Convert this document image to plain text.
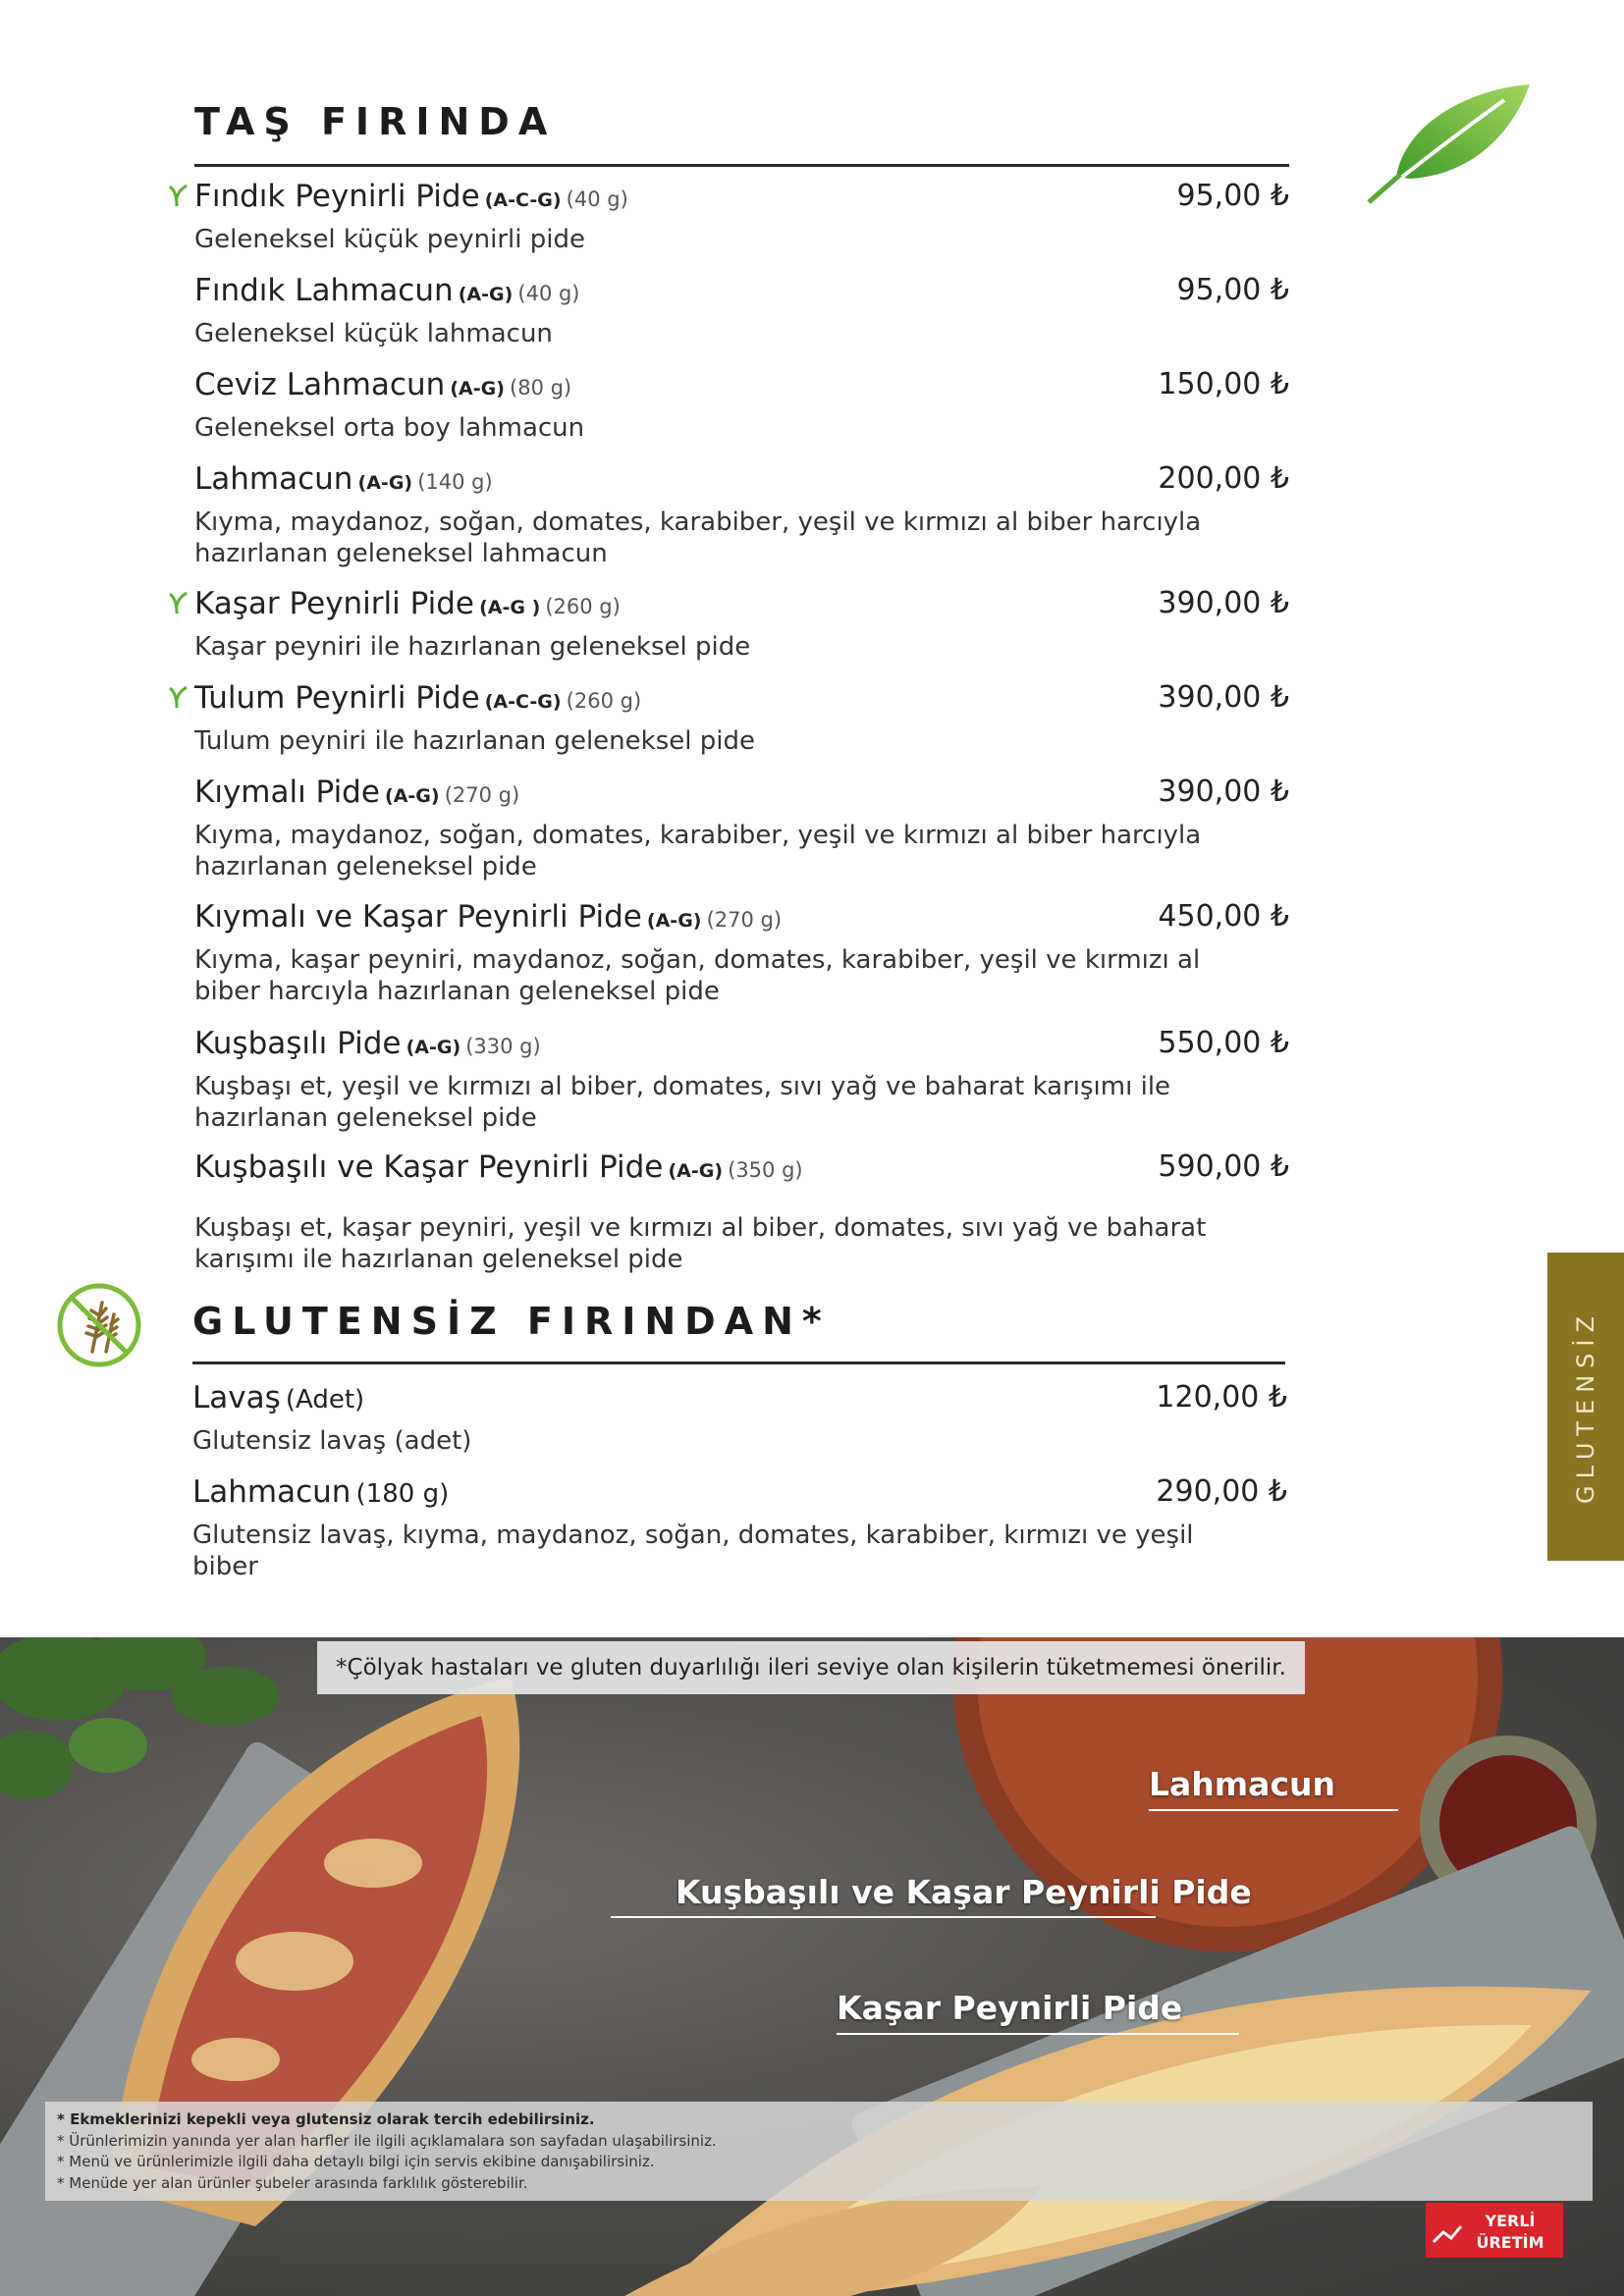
TAŞ FIRINDA
Fındık Peynirli Pide (A-C-G) (40 g)	95,00 ₺
Geleneksel küçük peynirli pide
Fındık Lahmacun (A-G) (40 g)	95,00 ₺
Geleneksel küçük lahmacun
Ceviz Lahmacun (A-G) (80 g)	150,00 ₺
Geleneksel orta boy lahmacun
Lahmacun (A-G) (140 g)	200,00 ₺
Kıyma, maydanoz, soğan, domates, karabiber, yeşil ve kırmızı al biber harcıyla hazırlanan geleneksel lahmacun
Kaşar Peynirli Pide (A-G ) (260 g)	390,00 ₺
Kaşar peyniri ile hazırlanan geleneksel pide
Tulum Peynirli Pide (A-C-G) (260 g)	390,00 ₺
Tulum peyniri ile hazırlanan geleneksel pide
Kıymalı Pide (A-G) (270 g)	390,00 ₺
Kıyma, maydanoz, soğan, domates, karabiber, yeşil ve kırmızı al biber harcıyla hazırlanan geleneksel pide
Kıymalı ve Kaşar Peynirli Pide (A-G) (270 g)	450,00 ₺
Kıyma, kaşar peyniri, maydanoz, soğan, domates, karabiber, yeşil ve kırmızı al biber harcıyla hazırlanan geleneksel pide
Kuşbaşılı Pide (A-G) (330 g)	550,00 ₺
Kuşbaşı et, yeşil ve kırmızı al biber, domates, sıvı yağ ve baharat karışımı ile hazırlanan geleneksel pide
Kuşbaşılı ve Kaşar Peynirli Pide (A-G) (350 g)	590,00 ₺
Kuşbaşı et, kaşar peyniri, yeşil ve kırmızı al biber, domates, sıvı yağ ve baharat karışımı ile hazırlanan geleneksel pide
GLUTENSİZ FIRINDAN*
Lavaş (Adet)	120,00 ₺
Glutensiz lavaş (adet)
Lahmacun (180 g)	290,00 ₺
Glutensiz lavaş, kıyma, maydanoz, soğan, domates, karabiber, kırmızı ve yeşil biber
GLUTENSİZ
*Çölyak hastaları ve gluten duyarlılığı ileri seviye olan kişilerin tüketmemesi önerilir.
Lahmacun
Kuşbaşılı ve Kaşar Peynirli Pide
Kaşar Peynirli Pide
* Ekmeklerinizi kepekli veya glutensiz olarak tercih edebilirsiniz.
* Ürünlerimizin yanında yer alan harfler ile ilgili açıklamalara son sayfadan ulaşabilirsiniz.
* Menü ve ürünlerimizle ilgili daha detaylı bilgi için servis ekibine danışabilirsiniz.
* Menüde yer alan ürünler şubeler arasında farklılık gösterebilir.
YERLİ
ÜRETİM
